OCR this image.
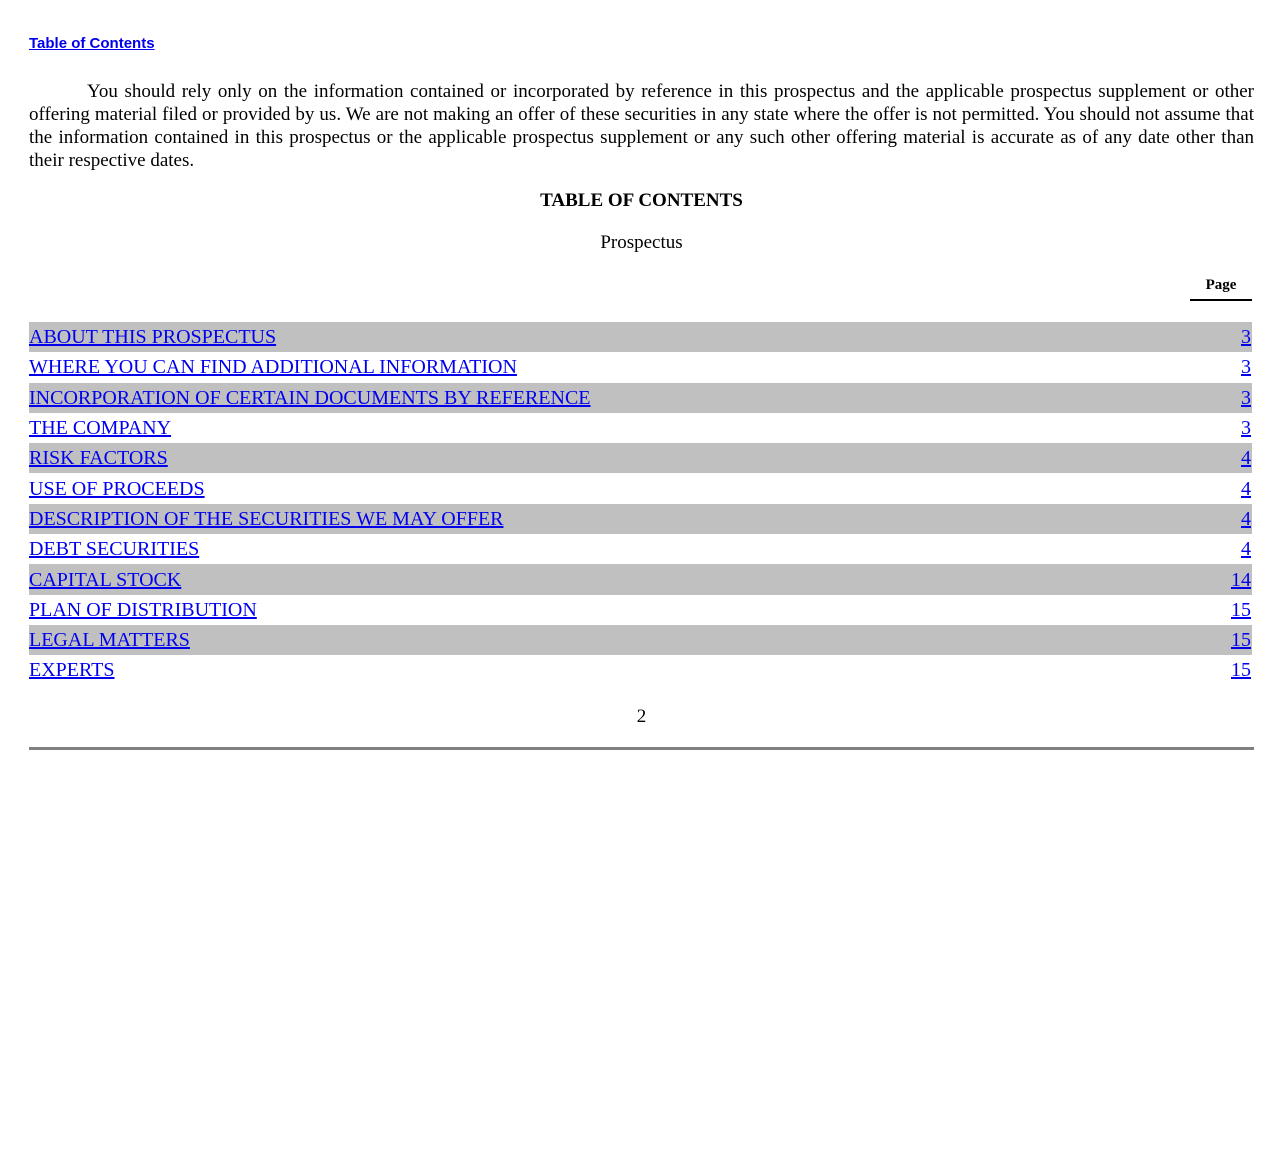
Table of Contents

You should rely only on the information contained or incorporated by reference in this prospectus and the applicable prospectus supplement or other offering material filed or provided by us. We are not making an offer of these securities in any state where the offer is not permitted. You should not assume that the information contained in this prospectus or the applicable prospectus supplement or any such other offering material is accurate as of any date other than their respective dates.

TABLE OF CONTENTS

Prospectus

Page
ABOUT THIS PROSPECTUS	3
WHERE YOU CAN FIND ADDITIONAL INFORMATION	3
INCORPORATION OF CERTAIN DOCUMENTS BY REFERENCE	3
THE COMPANY	3
RISK FACTORS	4
USE OF PROCEEDS	4
DESCRIPTION OF THE SECURITIES WE MAY OFFER	4
DEBT SECURITIES	4
CAPITAL STOCK	14
PLAN OF DISTRIBUTION	15
LEGAL MATTERS	15
EXPERTS	15

2
